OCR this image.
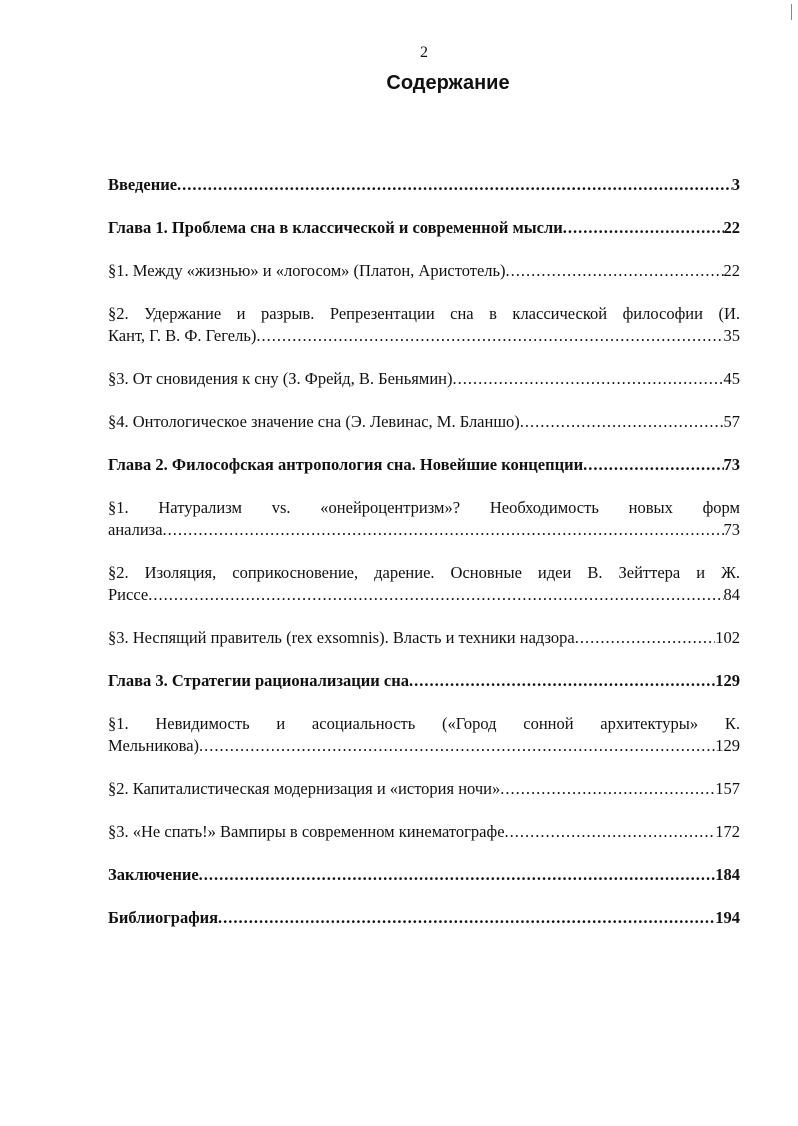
2
Содержание
Введение .....	3
Глава 1. Проблема сна в классической и современной мысли .....	22
§1. Между «жизнью» и «логосом» (Платон, Аристотель) .....	22
§2. Удержание и разрыв. Репрезентации сна в классической философии (И.
Кант, Г. В. Ф. Гегель) .....	35
§3. От сновидения к сну (З. Фрейд, В. Беньямин) .....	45
§4. Онтологическое значение сна (Э. Левинас, М. Бланшо) .....	57
Глава 2. Философская антропология сна. Новейшие концепции .....	73
§1. Натурализм vs. «онейроцентризм»? Необходимость новых форм
анализа .....	73
§2. Изоляция, соприкосновение, дарение. Основные идеи В. Зейттера и Ж.
Риссе .....	84
§3. Неспящий правитель (rex exsomnis). Власть и техники надзора .....	102
Глава 3. Стратегии рационализации сна .....	129
§1. Невидимость и асоциальность («Город сонной архитектуры» К.
Мельникова) .....	129
§2. Капиталистическая модернизация и «история ночи» .....	157
§3. «Не спать!» Вампиры в современном кинематографе .....	172
Заключение .....	184
Библиография .....	194
